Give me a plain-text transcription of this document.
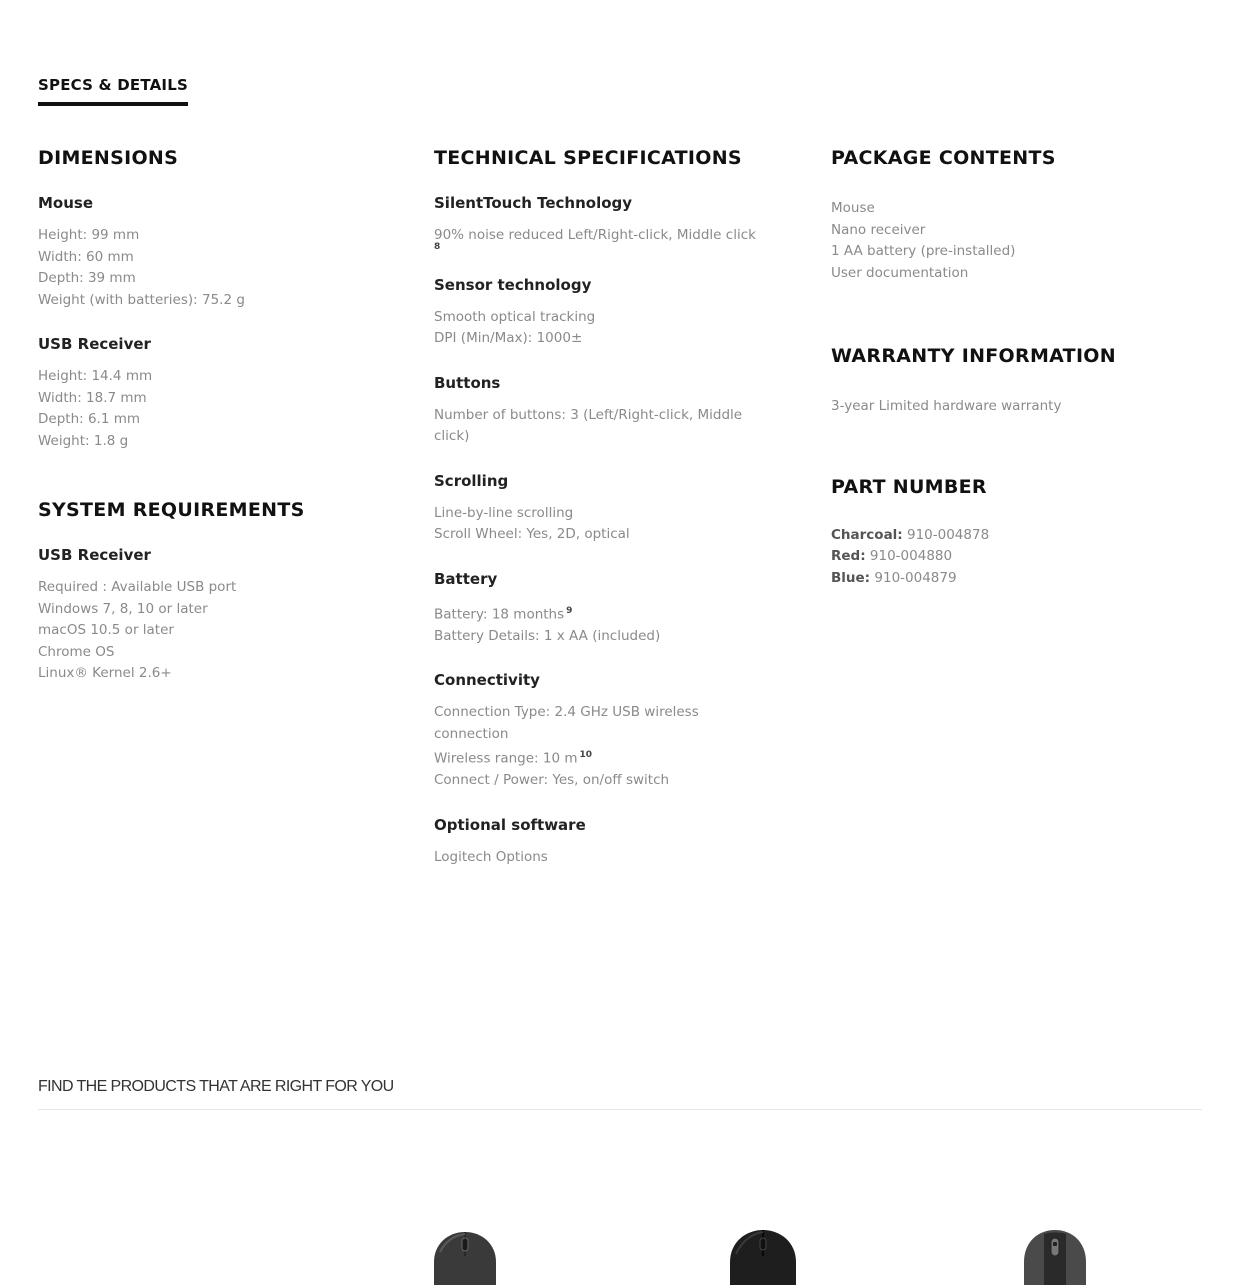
SPECS & DETAILS
DIMENSIONS
Mouse
Height: 99 mm
Width: 60 mm
Depth: 39 mm
Weight (with batteries): 75.2 g
USB Receiver
Height: 14.4 mm
Width: 18.7 mm
Depth: 6.1 mm
Weight: 1.8 g
SYSTEM REQUIREMENTS
USB Receiver
Required : Available USB port
Windows 7, 8, 10 or later
macOS 10.5 or later
Chrome OS
Linux® Kernel 2.6+
TECHNICAL SPECIFICATIONS
SilentTouch Technology
90% noise reduced Left/Right-click, Middle click
8
Sensor technology
Smooth optical tracking
DPI (Min/Max): 1000±
Buttons
Number of buttons: 3 (Left/Right-click, Middle
click)
Scrolling
Line-by-line scrolling
Scroll Wheel: Yes, 2D, optical
Battery
Battery: 18 months $^9$
Battery Details: 1 x AA (included)
Connectivity
Connection Type: 2.4 GHz USB wireless
connection
Wireless range: 10 m $^{10}$
Connect / Power: Yes, on/off switch
Optional software
Logitech Options
PACKAGE CONTENTS
Mouse
Nano receiver
1 AA battery (pre-installed)
User documentation
WARRANTY INFORMATION
3-year Limited hardware warranty
PART NUMBER
Charcoal: 910-004878
Red: 910-004880
Blue: 910-004879
FIND THE PRODUCTS THAT ARE RIGHT FOR YOU
